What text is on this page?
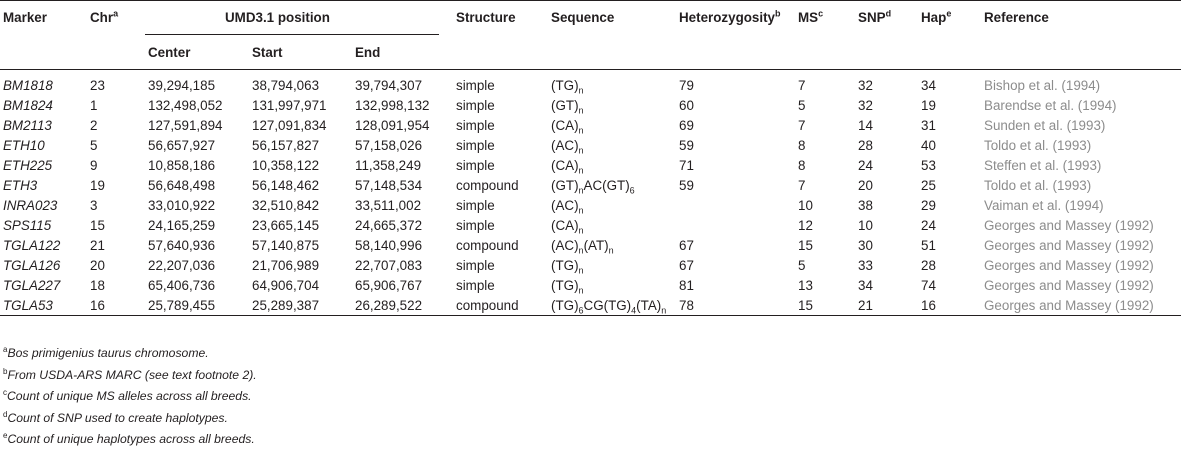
Marker	Chr$^a$	UMD3.1 position			Structure	Sequence	Heterozygosity$^b$	$MS^c$	SNP$^d$	Hap$^e$	Reference
		Center	Start	End							
BM1818	23	39,294,185	38,794,063	39,794,307	simple	$(TG)_n$	79	7	32	34	Bishop et al. (1994)
BM1824	1	132,498,052	131,997,971	132,998,132	simple	$(GT)_n$	60	5	32	19	Barendse et al. (1994)
BM2113	2	127,591,894	127,091,834	128,091,954	simple	$(CA)_n$	69	7	14	31	Sunden et al. (1993)
ETH10	5	56,657,927	56,157,827	57,158,026	simple	$(AC)_n$	59	8	28	40	Toldo et al. (1993)
ETH225	9	10,858,186	10,358,122	11,358,249	simple	$(CA)_n$	71	8	24	53	Steffen et al. (1993)
ETH3	19	56,648,498	56,148,462	57,148,534	compound	$(GT)_nAC(GT)_6$	59	7	20	25	Toldo et al. (1993)
INRA023	3	33,010,922	32,510,842	33,511,002	simple	$(AC)_n$		10	38	29	Vaiman et al. (1994)
SPS115	15	24,165,259	23,665,145	24,665,372	simple	$(CA)_n$		12	10	24	Georges and Massey (1992)
TGLA122	21	57,640,936	57,140,875	58,140,996	compound	$(AC)_n(AT)_n$	67	15	30	51	Georges and Massey (1992)
TGLA126	20	22,207,036	21,706,989	22,707,083	simple	$(TG)_n$	67	5	33	28	Georges and Massey (1992)
TGLA227	18	65,406,736	64,906,704	65,906,767	simple	$(TG)_n$	81	13	34	74	Georges and Massey (1992)
TGLA53	16	25,789,455	25,289,387	26,289,522	compound	$(TG)_6CG(TG)_4(TA)_n$	78	15	21	16	Georges and Massey (1992)
$^a$Bos primigenius taurus chromosome.
$^b$From USDA-ARS MARC (see text footnote 2).
$^c$Count of unique MS alleles across all breeds.
$^d$Count of SNP used to create haplotypes.
$^e$Count of unique haplotypes across all breeds.
